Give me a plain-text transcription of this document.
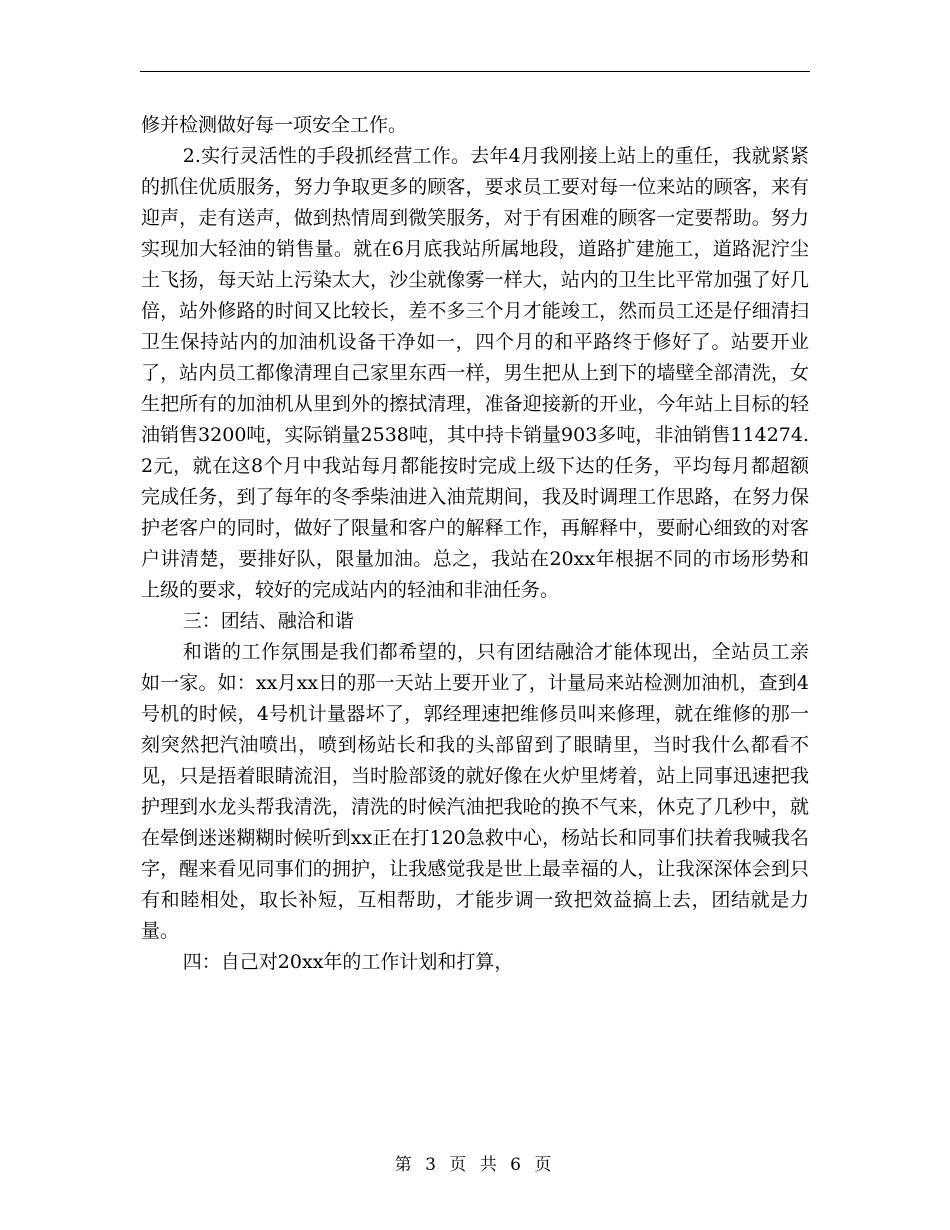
修并检测做好每一项安全工作。

2.实行灵活性的手段抓经营工作。去年4月我刚接上站上的重任，我就紧紧的抓住优质服务，努力争取更多的顾客，要求员工要对每一位来站的顾客，来有迎声，走有送声，做到热情周到微笑服务，对于有困难的顾客一定要帮助。努力实现加大轻油的销售量。就在6月底我站所属地段，道路扩建施工，道路泥泞尘土飞扬，每天站上污染太大，沙尘就像雾一样大，站内的卫生比平常加强了好几倍，站外修路的时间又比较长，差不多三个月才能竣工，然而员工还是仔细清扫卫生保持站内的加油机设备干净如一，四个月的和平路终于修好了。站要开业了，站内员工都像清理自己家里东西一样，男生把从上到下的墙壁全部清洗，女生把所有的加油机从里到外的擦拭清理，准备迎接新的开业，今年站上目标的轻油销售3200吨，实际销量2538吨，其中持卡销量903多吨，非油销售114274.2元，就在这8个月中我站每月都能按时完成上级下达的任务，平均每月都超额完成任务，到了每年的冬季柴油进入油荒期间，我及时调理工作思路，在努力保护老客户的同时，做好了限量和客户的解释工作，再解释中，要耐心细致的对客户讲清楚，要排好队，限量加油。总之，我站在20xx年根据不同的市场形势和上级的要求，较好的完成站内的轻油和非油任务。

三：团结、融洽和谐

和谐的工作氛围是我们都希望的，只有团结融洽才能体现出，全站员工亲如一家。如：xx月xx日的那一天站上要开业了，计量局来站检测加油机，查到4号机的时候，4号机计量器坏了，郭经理速把维修员叫来修理，就在维修的那一刻突然把汽油喷出，喷到杨站长和我的头部留到了眼睛里，当时我什么都看不见，只是捂着眼睛流泪，当时脸部烫的就好像在火炉里烤着，站上同事迅速把我护理到水龙头帮我清洗，清洗的时候汽油把我呛的换不气来，休克了几秒中，就在晕倒迷迷糊糊时候听到xx正在打120急救中心，杨站长和同事们扶着我喊我名字，醒来看见同事们的拥护，让我感觉我是世上最幸福的人，让我深深体会到只有和睦相处，取长补短，互相帮助，才能步调一致把效益搞上去，团结就是力量。

四：自己对20xx年的工作计划和打算，

第 3 页 共 6 页
